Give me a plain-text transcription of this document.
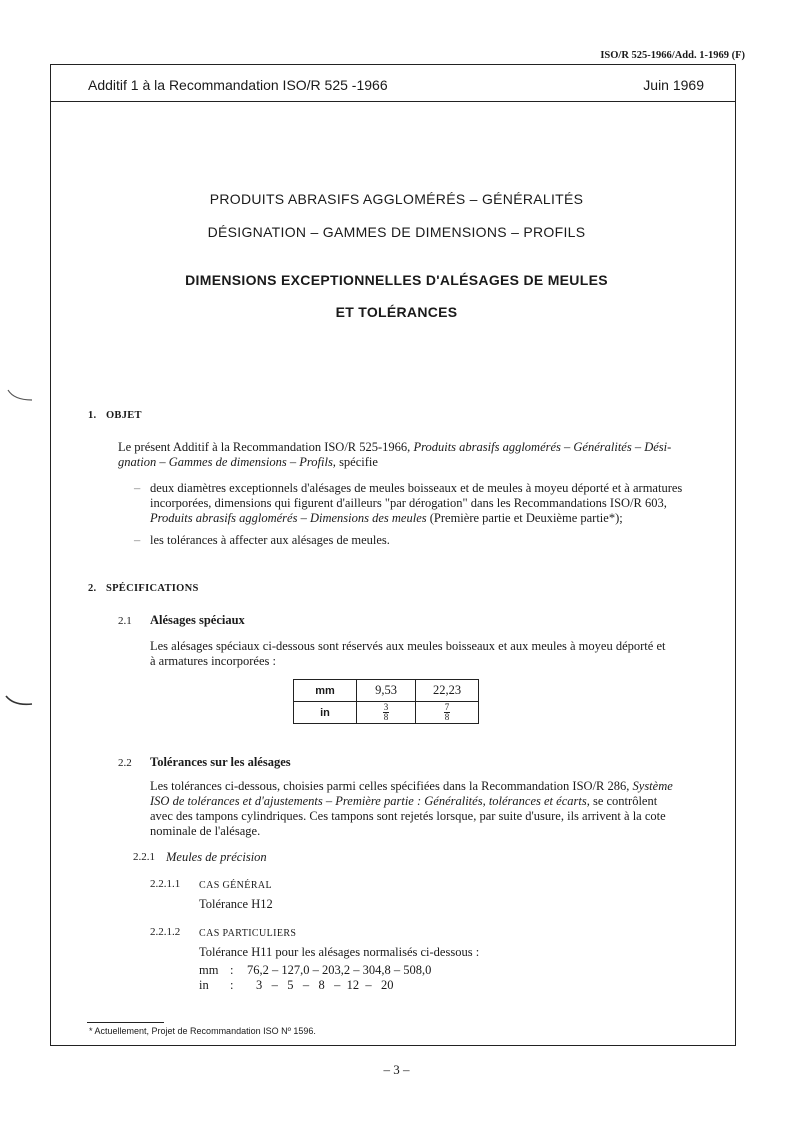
ISO/R 525-1966/Add. 1-1969 (F)
Additif 1 à la Recommandation ISO/R 525 -1966	Juin 1969
PRODUITS ABRASIFS AGGLOMÉRÉS – GÉNÉRALITÉS
DÉSIGNATION – GAMMES DE DIMENSIONS – PROFILS
DIMENSIONS EXCEPTIONNELLES D'ALÉSAGES DE MEULES
ET TOLÉRANCES
1. OBJET
Le présent Additif à la Recommandation ISO/R 525-1966, Produits abrasifs agglomérés – Généralités – Dési-
gnation – Gammes de dimensions – Profils, spécifie
– deux diamètres exceptionnels d'alésages de meules boisseaux et de meules à moyeu déporté et à armatures
incorporées, dimensions qui figurent d'ailleurs "par dérogation" dans les Recommandations ISO/R 603,
Produits abrasifs agglomérés – Dimensions des meules (Première partie et Deuxième partie*);
– les tolérances à affecter aux alésages de meules.
2. SPÉCIFICATIONS
2.1 Alésages spéciaux
Les alésages spéciaux ci-dessous sont réservés aux meules boisseaux et aux meules à moyeu déporté et
à armatures incorporées :
mm	9,53	22,23
in	$\frac{3}{8}$	$\frac{7}{8}$
2.2 Tolérances sur les alésages
Les tolérances ci-dessous, choisies parmi celles spécifiées dans la Recommandation ISO/R 286, Système
ISO de tolérances et d'ajustements – Première partie : Généralités, tolérances et écarts, se contrôlent
avec des tampons cylindriques. Ces tampons sont rejetés lorsque, par suite d'usure, ils arrivent à la cote
nominale de l'alésage.
2.2.1 Meules de précision
2.2.1.1 CAS GÉNÉRAL
Tolérance H12
2.2.1.2 CAS PARTICULIERS
Tolérance H11 pour les alésages normalisés ci-dessous :
mm : 76,2 – 127,0 – 203,2 – 304,8 – 508,0
in : 3   –   5   –   8   –  12  –   20
* Actuellement, Projet de Recommandation ISO Nº 1596.
– 3 –
